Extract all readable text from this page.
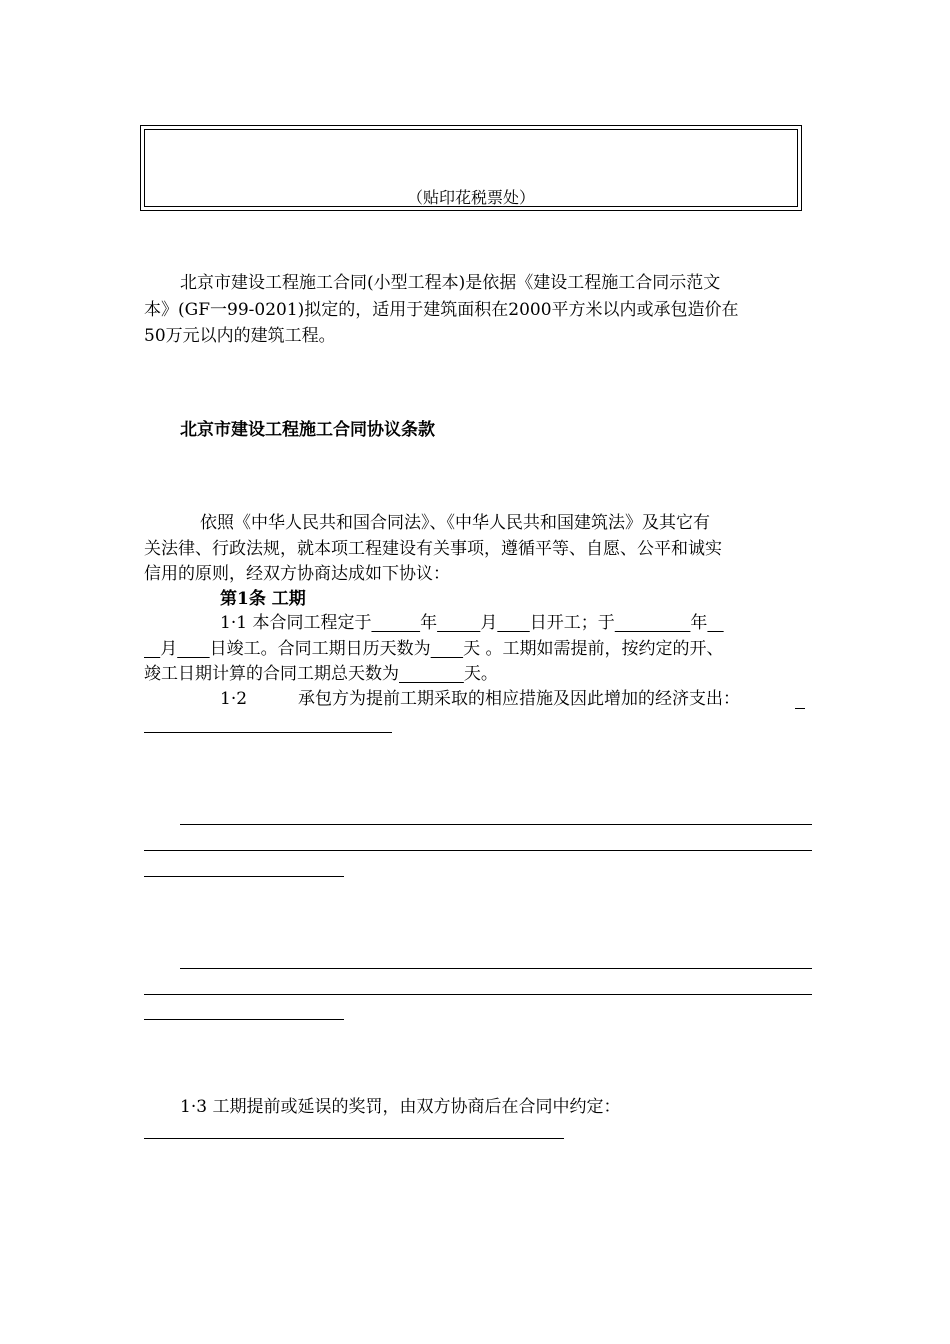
（贴印花税票处）
北京市建设工程施工合同(小型工程本)是依据《建设工程施工合同示范文
本》(GF一99-0201)拟定的，适用于建筑面积在2000平方米以内或承包造价在
50万元以内的建筑工程。
北京市建设工程施工合同协议条款
依照《中华人民共和国合同法》、《中华人民共和国建筑法》及其它有
关法律、行政法规，就本项工程建设有关事项，遵循平等、自愿、公平和诚实
信用的原则，经双方协商达成如下协议：
第1条 工期
1·1 本合同工程定于	年	月 日开工；于	年
月 日竣工。合同工期日历天数为 天 。工期如需提前，按约定的开、
竣工日期计算的合同工期总天数为	天。
1·2	承包方为提前工期采取的相应措施及因此增加的经济支出：
1·3 工期提前或延误的奖罚，由双方协商后在合同中约定：
